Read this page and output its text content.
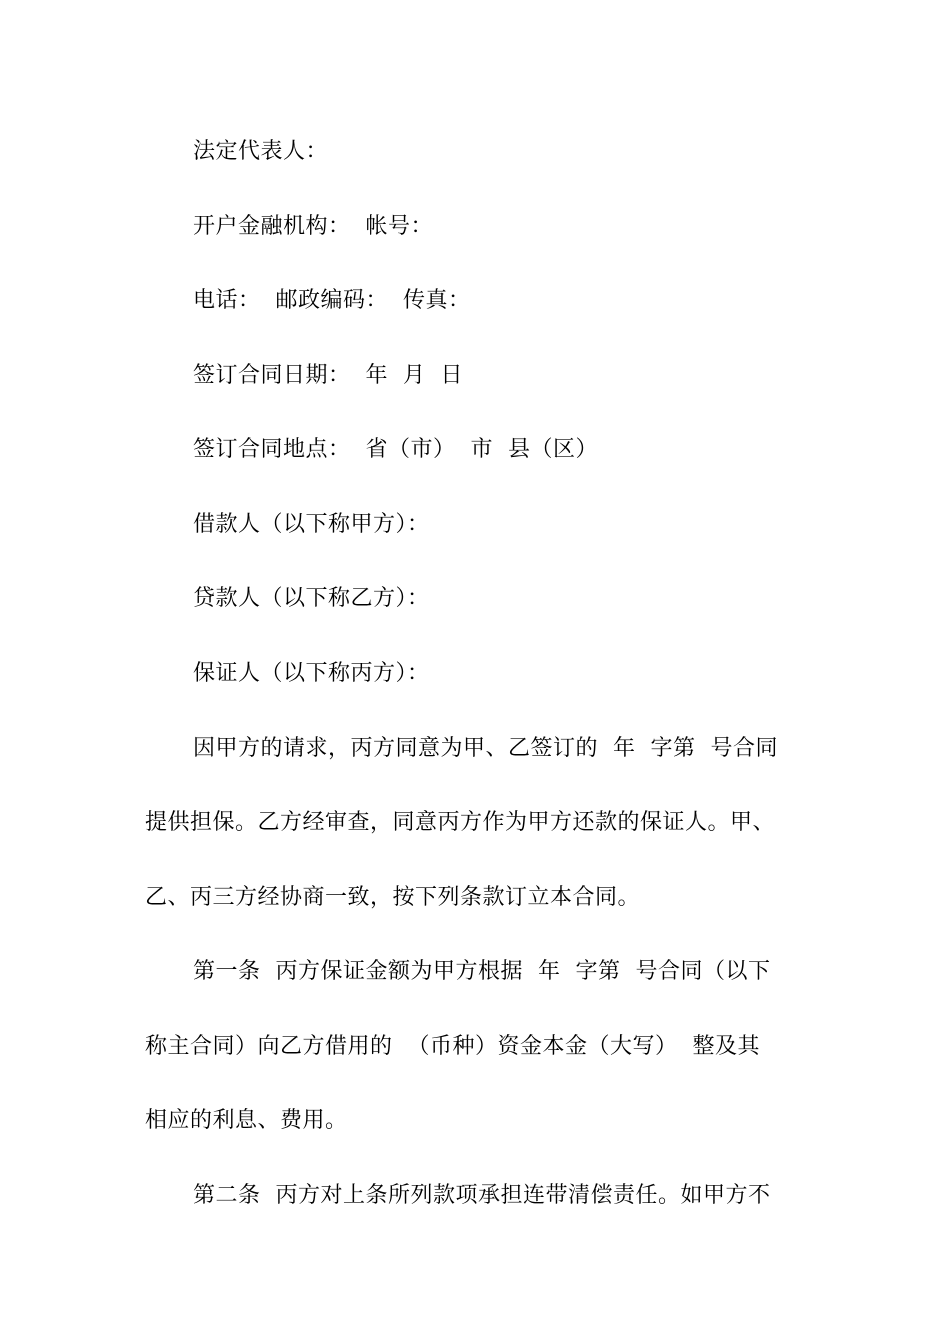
法定代表人：
开户金融机构：  帐号：
电话：  邮政编码：  传真：
签订合同日期：  年  月  日
签订合同地点：  省（市）  市  县（区）
借款人（以下称甲方）：
贷款人（以下称乙方）：
保证人（以下称丙方）：
因甲方的请求，丙方同意为甲、乙签订的  年  字第  号合同
提供担保。乙方经审查，同意丙方作为甲方还款的保证人。甲、
乙、丙三方经协商一致，按下列条款订立本合同。
第一条  丙方保证金额为甲方根据  年  字第  号合同（以下
称主合同）向乙方借用的  （币种）资金本金（大写）  整及其
相应的利息、费用。
第二条  丙方对上条所列款项承担连带清偿责任。如甲方不
